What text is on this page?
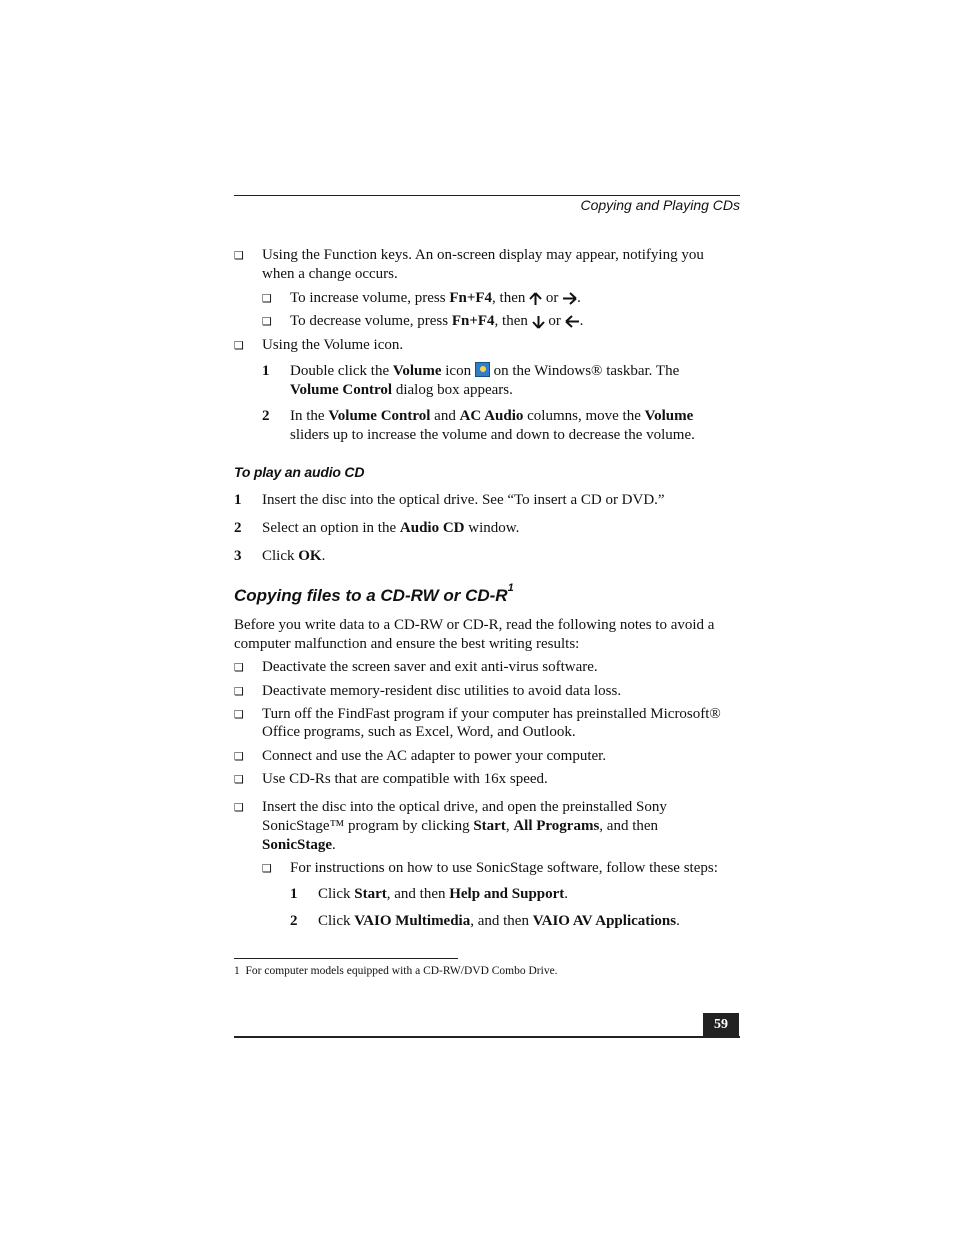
Copying and Playing CDs
❑ Using the Function keys. An on-screen display may appear, notifying you
when a change occurs.
❑ To increase volume, press Fn+F4, then  or .
❑ To decrease volume, press Fn+F4, then  or .
❑ Using the Volume icon.
1 Double click the Volume icon  on the Windows® taskbar. The
Volume Control dialog box appears.
2 In the Volume Control and AC Audio columns, move the Volume
sliders up to increase the volume and down to decrease the volume.
To play an audio CD
1 Insert the disc into the optical drive. See “To insert a CD or DVD.”
2 Select an option in the Audio CD window.
3 Click OK.
Copying files to a CD-RW or $CD-R^1$
Before you write data to a CD-RW or CD-R, read the following notes to avoid a
computer malfunction and ensure the best writing results:
❑ Deactivate the screen saver and exit anti-virus software.
❑ Deactivate memory-resident disc utilities to avoid data loss.
❑ Turn off the FindFast program if your computer has preinstalled Microsoft®
Office programs, such as Excel, Word, and Outlook.
❑ Connect and use the AC adapter to power your computer.
❑ Use CD-Rs that are compatible with 16x speed.
❑ Insert the disc into the optical drive, and open the preinstalled Sony
SonicStage™ program by clicking Start, All Programs, and then
SonicStage.
❑ For instructions on how to use SonicStage software, follow these steps:
1 Click Start, and then Help and Support.
2 Click VAIO Multimedia, and then VAIO AV Applications.
1 For computer models equipped with a CD-RW/DVD Combo Drive.
59
